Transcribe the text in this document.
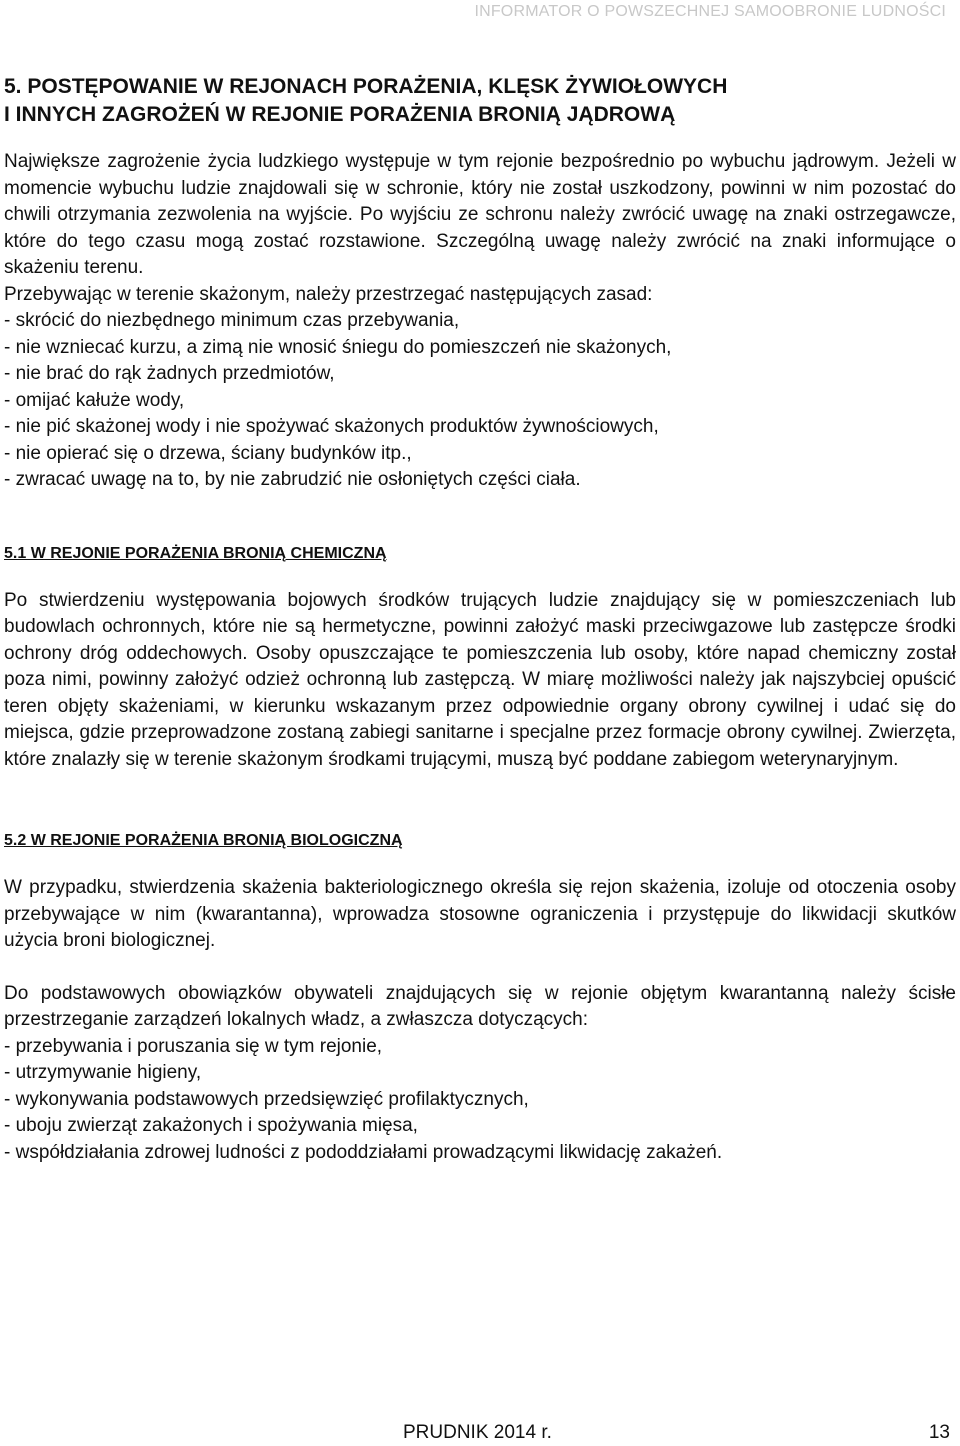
INFORMATOR O POWSZECHNEJ SAMOOBRONIE LUDNOŚCI
5. POSTĘPOWANIE W REJONACH PORAŻENIA, KLĘSK ŻYWIOŁOWYCH
I INNYCH ZAGROŻEŃ W REJONIE PORAŻENIA BRONIĄ JĄDROWĄ

Największe zagrożenie życia ludzkiego występuje w tym rejonie bezpośrednio po wybuchu jądrowym. Jeżeli w momencie wybuchu ludzie znajdowali się w schronie, który nie został uszkodzony, powinni w nim pozostać do chwili otrzymania zezwolenia na wyjście. Po wyjściu ze schronu należy zwrócić uwagę na znaki ostrzegawcze, które do tego czasu mogą zostać rozstawione. Szczególną uwagę należy zwrócić na znaki informujące o skażeniu terenu.

Przebywając w terenie skażonym, należy przestrzegać następujących zasad:
- skrócić do niezbędnego minimum czas przebywania,
- nie wzniecać kurzu, a zimą nie wnosić śniegu do pomieszczeń nie skażonych,
- nie brać do rąk żadnych przedmiotów,
- omijać kałuże wody,
- nie pić skażonej wody i nie spożywać skażonych produktów żywnościowych,
- nie opierać się o drzewa, ściany budynków itp.,
- zwracać uwagę na to, by nie zabrudzić nie osłoniętych części ciała.
5.1 W REJONIE PORAŻENIA BRONIĄ CHEMICZNĄ

Po stwierdzeniu występowania bojowych środków trujących ludzie znajdujący się w pomieszczeniach lub budowlach ochronnych, które nie są hermetyczne, powinni założyć maski przeciwgazowe lub zastępcze środki ochrony dróg oddechowych. Osoby opuszczające te pomieszczenia lub osoby, które napad chemiczny został poza nimi, powinny założyć odzież ochronną lub zastępczą. W miarę możliwości należy jak najszybciej opuścić teren objęty skażeniami, w kierunku wskazanym przez odpowiednie organy obrony cywilnej i udać się do miejsca, gdzie przeprowadzone zostaną zabiegi sanitarne i specjalne przez formacje obrony cywilnej. Zwierzęta, które znalazły się w terenie skażonym środkami trującymi, muszą być poddane zabiegom weterynaryjnym.

5.2 W REJONIE PORAŻENIA BRONIĄ BIOLOGICZNĄ

W przypadku, stwierdzenia skażenia bakteriologicznego określa się rejon skażenia, izoluje od otoczenia osoby przebywające w nim (kwarantanna), wprowadza stosowne ograniczenia i przystępuje do likwidacji skutków użycia broni biologicznej.

Do podstawowych obowiązków obywateli znajdujących się w rejonie objętym kwarantanną należy ścisłe przestrzeganie zarządzeń lokalnych władz, a zwłaszcza dotyczących:

- przebywania i poruszania się w tym rejonie,
- utrzymywanie higieny,
- wykonywania podstawowych przedsięwzięć profilaktycznych,
- uboju zwierząt zakażonych i spożywania mięsa,
- współdziałania zdrowej ludności z pododdziałami prowadzącymi likwidację zakażeń.
PRUDNIK 2014 r.	13
